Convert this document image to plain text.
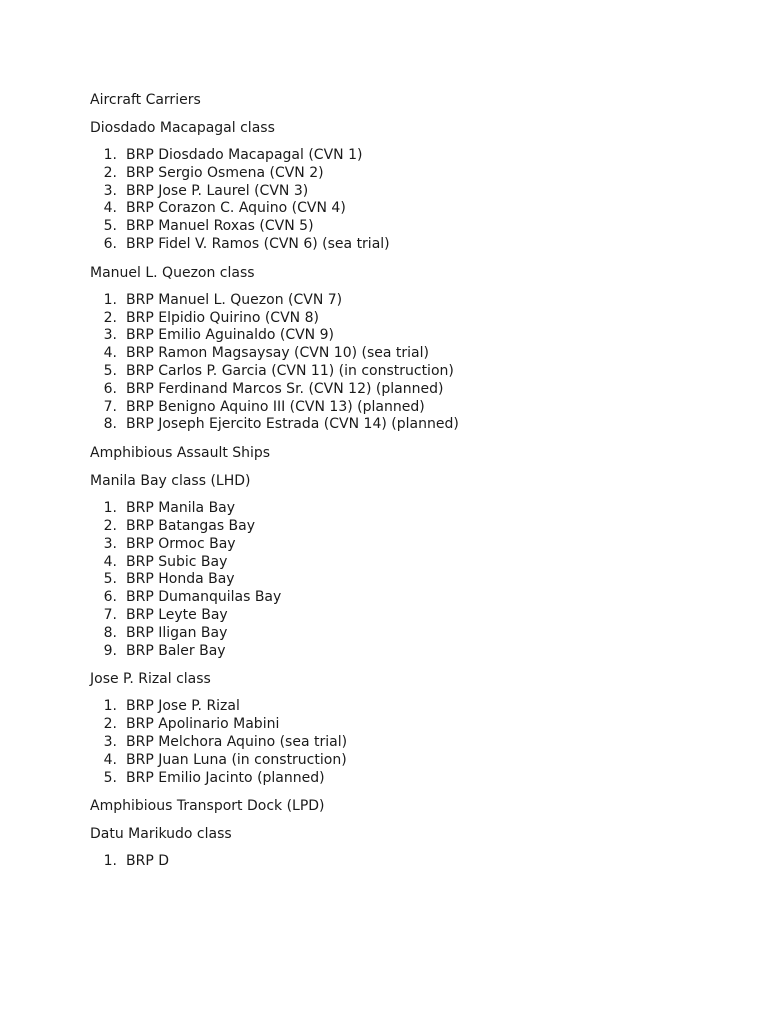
Aircraft Carriers

Diosdado Macapagal class

1. BRP Diosdado Macapagal (CVN 1)
2. BRP Sergio Osmena (CVN 2)
3. BRP Jose P. Laurel (CVN 3)
4. BRP Corazon C. Aquino (CVN 4)
5. BRP Manuel Roxas (CVN 5)
6. BRP Fidel V. Ramos (CVN 6) (sea trial)

Manuel L. Quezon class

1. BRP Manuel L. Quezon (CVN 7)
2. BRP Elpidio Quirino (CVN 8)
3. BRP Emilio Aguinaldo (CVN 9)
4. BRP Ramon Magsaysay (CVN 10) (sea trial)
5. BRP Carlos P. Garcia (CVN 11) (in construction)
6. BRP Ferdinand Marcos Sr. (CVN 12) (planned)
7. BRP Benigno Aquino III (CVN 13) (planned)
8. BRP Joseph Ejercito Estrada (CVN 14) (planned)

Amphibious Assault Ships

Manila Bay class (LHD)

1. BRP Manila Bay
2. BRP Batangas Bay
3. BRP Ormoc Bay
4. BRP Subic Bay
5. BRP Honda Bay
6. BRP Dumanquilas Bay
7. BRP Leyte Bay
8. BRP Iligan Bay
9. BRP Baler Bay

Jose P. Rizal class

1. BRP Jose P. Rizal
2. BRP Apolinario Mabini
3. BRP Melchora Aquino (sea trial)
4. BRP Juan Luna (in construction)
5. BRP Emilio Jacinto (planned)

Amphibious Transport Dock (LPD)

Datu Marikudo class

1. BRP D
